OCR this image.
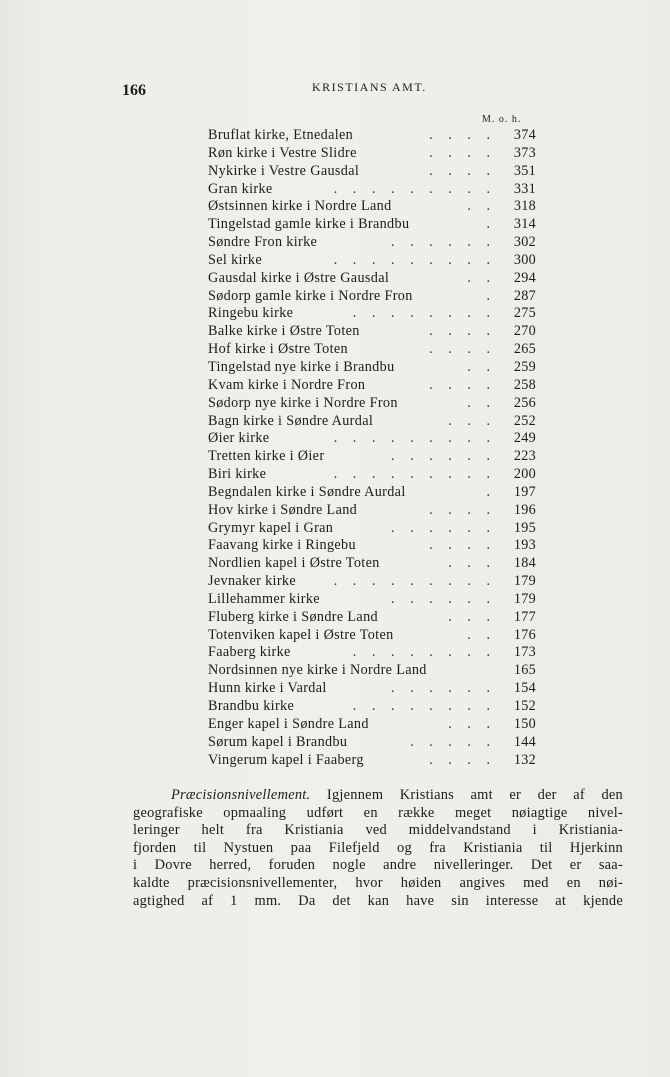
166	KRISTIANS AMT.
M. o. h.
Bruflat kirke, Etnedalen	. . . .	374
Røn kirke i Vestre Slidre	. . . .	373
Nykirke i Vestre Gausdal	. . . .	351
Gran kirke	. . . . . . . . .	331
Østsinnen kirke i Nordre Land	. .	318
Tingelstad gamle kirke i Brandbu	.	314
Søndre Fron kirke	. . . . . .	302
Sel kirke	. . . . . . . . .	300
Gausdal kirke i Østre Gausdal	. .	294
Sødorp gamle kirke i Nordre Fron	.	287
Ringebu kirke	. . . . . . . .	275
Balke kirke i Østre Toten	. . . .	270
Hof kirke i Østre Toten	. . . .	265
Tingelstad nye kirke i Brandbu	. .	259
Kvam kirke i Nordre Fron	. . . .	258
Sødorp nye kirke i Nordre Fron	. .	256
Bagn kirke i Søndre Aurdal	. . .	252
Øier kirke	. . . . . . . . .	249
Tretten kirke i Øier	. . . . . .	223
Biri kirke	. . . . . . . . .	200
Begndalen kirke i Søndre Aurdal	.	197
Hov kirke i Søndre Land	. . . .	196
Grymyr kapel i Gran	. . . . . .	195
Faavang kirke i Ringebu	. . . .	193
Nordlien kapel i Østre Toten	. . .	184
Jevnaker kirke	. . . . . . . . .	179
Lillehammer kirke	. . . . . .	179
Fluberg kirke i Søndre Land	. . .	177
Totenviken kapel i Østre Toten	. .	176
Faaberg kirke	. . . . . . . .	173
Nordsinnen nye kirke i Nordre Land	165
Hunn kirke i Vardal	. . . . . .	154
Brandbu kirke	. . . . . . . .	152
Enger kapel i Søndre Land	. . .	150
Sørum kapel i Brandbu	. . . . .	144
Vingerum kapel i Faaberg	. . . .	132
Præcisionsnivellement. Igjennem Kristians amt er der af den
geografiske opmaaling udført en række meget nøiagtige nivel-
leringer helt fra Kristiania ved middelvandstand i Kristiania-
fjorden til Nystuen paa Filefjeld og fra Kristiania til Hjerkinn
i Dovre herred, foruden nogle andre nivelleringer. Det er saa-
kaldte præcisionsnivellementer, hvor høiden angives med en nøi-
agtighed af 1 mm. Da det kan have sin interesse at kjende
